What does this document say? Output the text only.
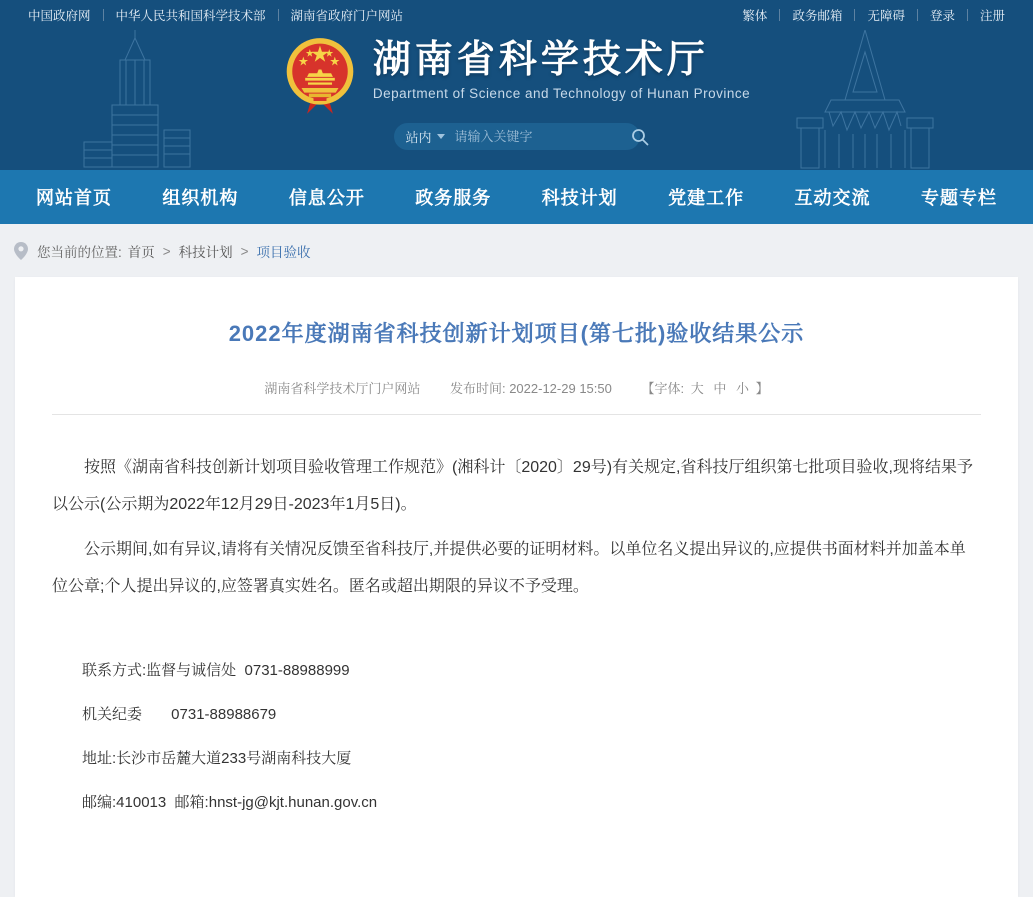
中国政府网 中华人民共和国科学技术部 湖南省政府门户网站	繁体 政务邮箱 无障碍 登录 注册
湖南省科学技术厅
Department of Science and Technology of Hunan Province
站内
请输入关键字
网站首页	组织机构	信息公开	政务服务	科技计划	党建工作	互动交流	专题专栏
您当前的位置: 首页 > 科技计划 > 项目验收
2022年度湖南省科技创新计划项目(第七批)验收结果公示
湖南省科学技术厅门户网站 发布时间: 2022-12-29 15:50 【字体: 大 中 小 】

按照《湖南省科技创新计划项目验收管理工作规范》(湘科计〔2020〕29号)有关规定,省科技厅组织第七批项目验收,现将结果予以公示(公示期为2022年12月29日-2023年1月5日)。

公示期间,如有异议,请将有关情况反馈至省科技厅,并提供必要的证明材料。以单位名义提出异议的,应提供书面材料并加盖本单位公章;个人提出异议的,应签署真实姓名。匿名或超出期限的异议不予受理。

联系方式:监督与诚信处  0731-88988999

机关纪委       0731-88988679

地址:长沙市岳麓大道233号湖南科技大厦

邮编:410013  邮箱:hnst-jg@kjt.hunan.gov.cn
